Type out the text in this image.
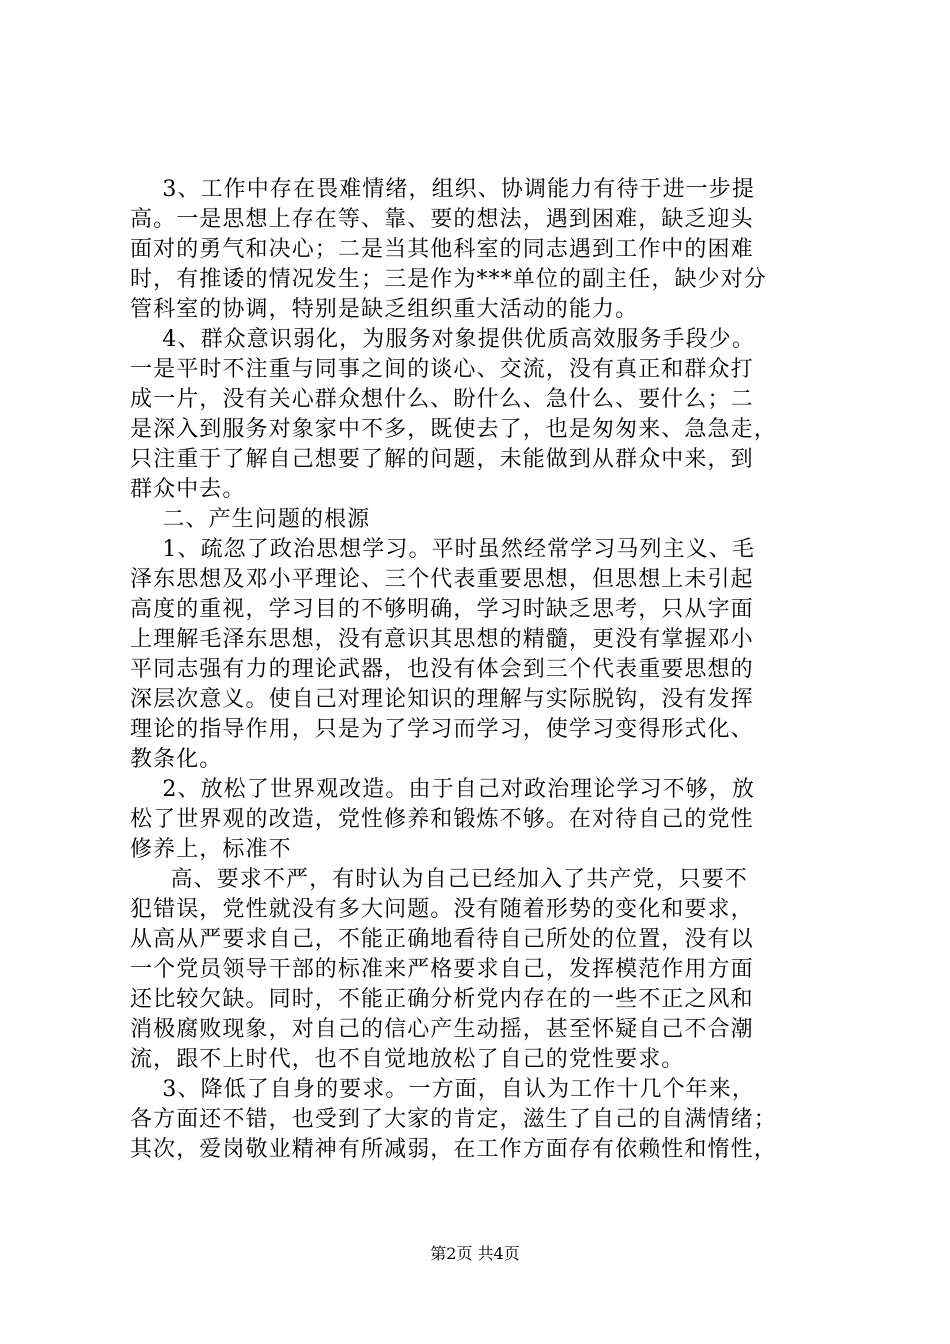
3、工作中存在畏难情绪，组织、协调能力有待于进一步提
高。一是思想上存在等、靠、要的想法，遇到困难，缺乏迎头
面对的勇气和决心；二是当其他科室的同志遇到工作中的困难
时，有推诿的情况发生；三是作为***单位的副主任，缺少对分
管科室的协调，特别是缺乏组织重大活动的能力。
4、群众意识弱化，为服务对象提供优质高效服务手段少。
一是平时不注重与同事之间的谈心、交流，没有真正和群众打
成一片，没有关心群众想什么、盼什么、急什么、要什么；二
是深入到服务对象家中不多，既使去了，也是匆匆来、急急走，
只注重于了解自己想要了解的问题，未能做到从群众中来，到
群众中去。
二、产生问题的根源
1、疏忽了政治思想学习。平时虽然经常学习马列主义、毛
泽东思想及邓小平理论、三个代表重要思想，但思想上未引起
高度的重视，学习目的不够明确，学习时缺乏思考，只从字面
上理解毛泽东思想，没有意识其思想的精髓，更没有掌握邓小
平同志强有力的理论武器，也没有体会到三个代表重要思想的
深层次意义。使自己对理论知识的理解与实际脱钩，没有发挥
理论的指导作用，只是为了学习而学习，使学习变得形式化、
教条化。
2、放松了世界观改造。由于自己对政治理论学习不够，放
松了世界观的改造，党性修养和锻炼不够。在对待自己的党性
修养上，标准不
高、要求不严，有时认为自己已经加入了共产党，只要不
犯错误，党性就没有多大问题。没有随着形势的变化和要求，
从高从严要求自己，不能正确地看待自己所处的位置，没有以
一个党员领导干部的标准来严格要求自己，发挥模范作用方面
还比较欠缺。同时，不能正确分析党内存在的一些不正之风和
消极腐败现象，对自己的信心产生动摇，甚至怀疑自己不合潮
流，跟不上时代，也不自觉地放松了自己的党性要求。
3、降低了自身的要求。一方面，自认为工作十几个年来，
各方面还不错，也受到了大家的肯定，滋生了自己的自满情绪；
其次，爱岗敬业精神有所减弱，在工作方面存有依赖性和惰性，
第2页 共4页
